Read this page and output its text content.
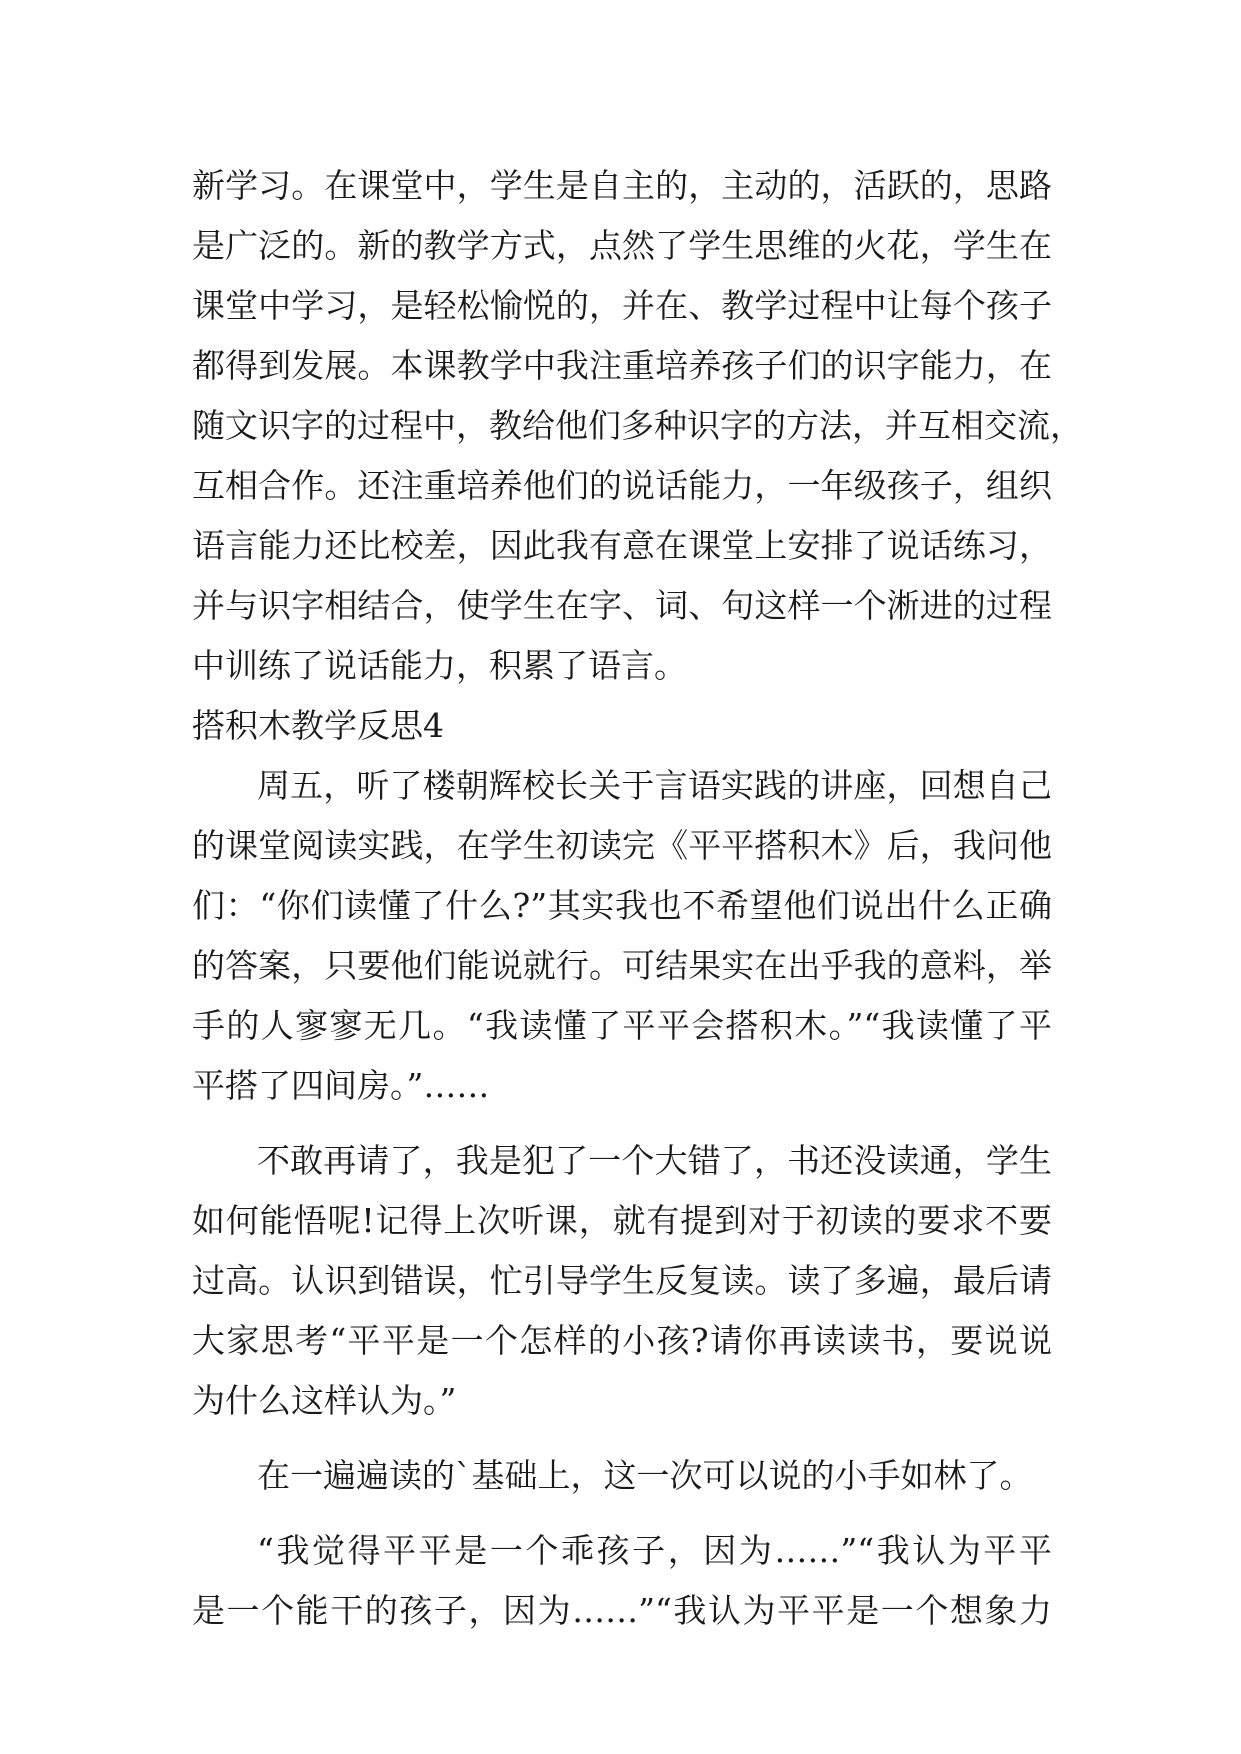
新学习。在课堂中，学生是自主的，主动的，活跃的，思路
是广泛的。新的教学方式，点然了学生思维的火花，学生在
课堂中学习，是轻松愉悦的，并在、教学过程中让每个孩子
都得到发展。本课教学中我注重培养孩子们的识字能力，在
随文识字的过程中，教给他们多种识字的方法，并互相交流，
互相合作。还注重培养他们的说话能力，一年级孩子，组织
语言能力还比校差，因此我有意在课堂上安排了说话练习，
并与识字相结合，使学生在字、词、句这样一个淅进的过程
中训练了说话能力，积累了语言。
搭积木教学反思4
周五，听了楼朝辉校长关于言语实践的讲座，回想自己
的课堂阅读实践，在学生初读完《平平搭积木》后，我问他
们：“你们读懂了什么?”其实我也不希望他们说出什么正确
的答案，只要他们能说就行。可结果实在出乎我的意料，举
手的人寥寥无几。“我读懂了平平会搭积木。”“我读懂了平
平搭了四间房。”……
不敢再请了，我是犯了一个大错了，书还没读通，学生
如何能悟呢!记得上次听课，就有提到对于初读的要求不要
过高。认识到错误，忙引导学生反复读。读了多遍，最后请
大家思考“平平是一个怎样的小孩?请你再读读书，要说说
为什么这样认为。”
在一遍遍读的`基础上，这一次可以说的小手如林了。
“我觉得平平是一个乖孩子，因为……”“我认为平平
是一个能干的孩子，因为……”“我认为平平是一个想象力
